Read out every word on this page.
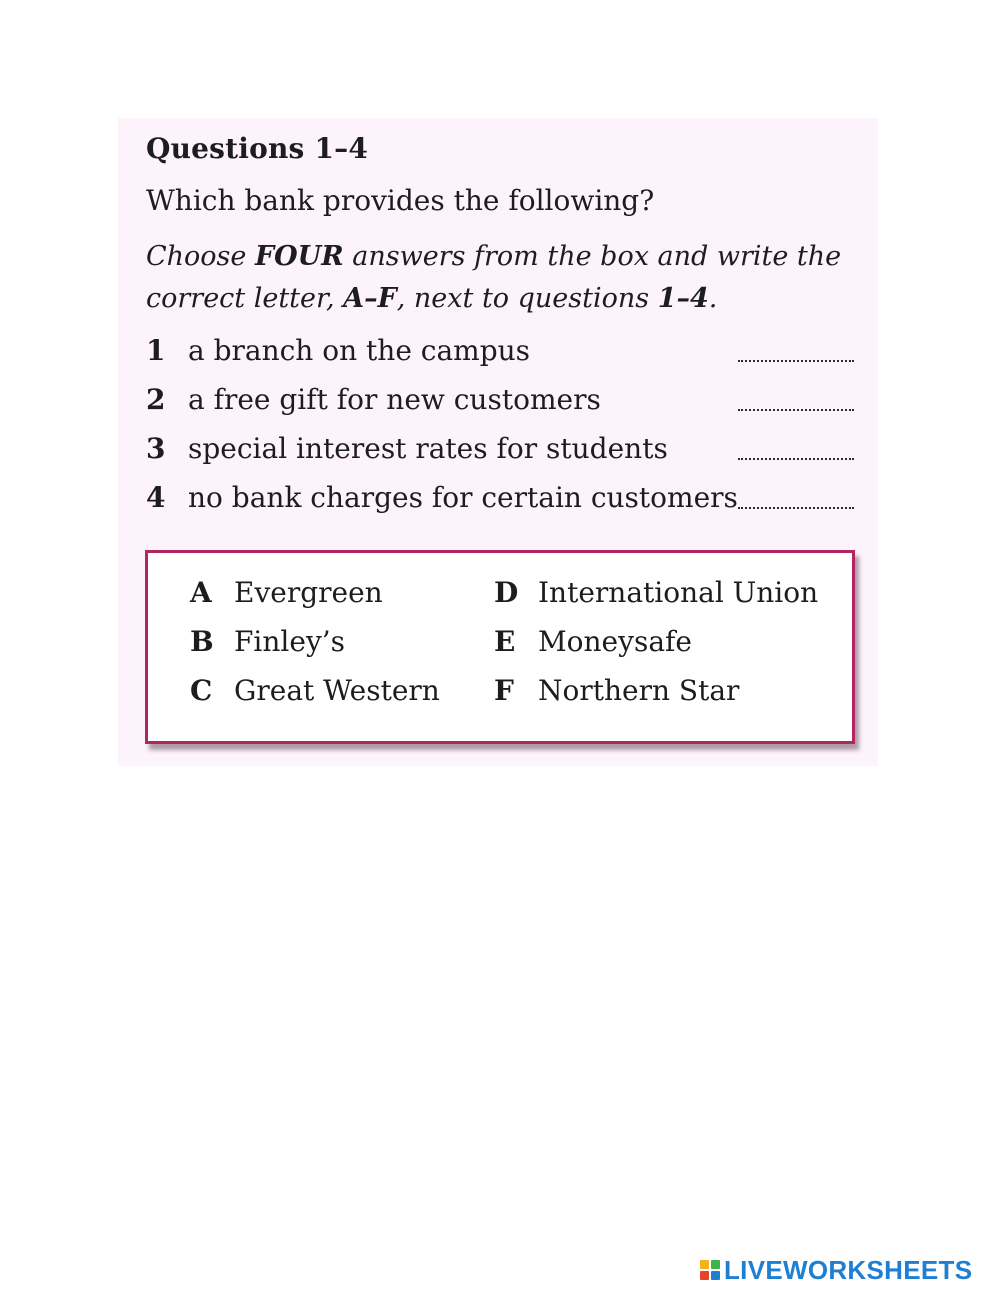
Questions 1–4
Which bank provides the following?
Choose FOUR answers from the box and write the correct letter, A–F, next to questions 1–4.
1 a branch on the campus
2 a free gift for new customers
3 special interest rates for students
4 no bank charges for certain customers
A Evergreen
B Finley’s
C Great Western
D International Union
E Moneysafe
F Northern Star
LIVEWORKSHEETS
